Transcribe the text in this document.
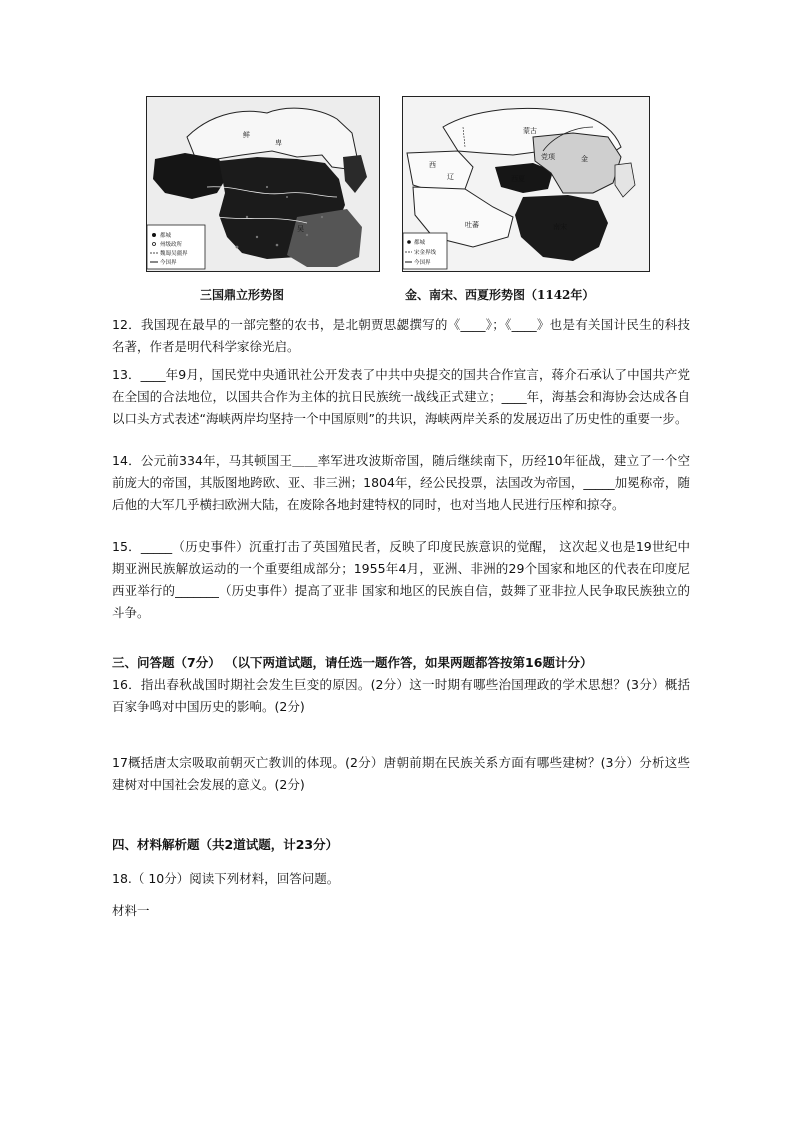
鲜
卑
吴
都城
州级政所
魏蜀吴疆界
今国界
西
辽
吐蕃
蒙古
金
党项
西夏
南宋
都城
宋金界线
今国界
三国鼎立形势图	金、南宋、西夏形势图（1142年）
12．我国现在最早的一部完整的农书，是北朝贾思勰撰写的《____》；《____》也是有关国计民生的科技名著，作者是明代科学家徐光启。
13．____年9月，国民党中央通讯社公开发表了中共中央提交的国共合作宣言，蒋介石承认了中国共产党在全国的合法地位，以国共合作为主体的抗日民族统一战线正式建立；____年，海基会和海协会达成各自以口头方式表述“海峡两岸均坚持一个中国原则”的共识，海峡两岸关系的发展迈出了历史性的重要一步。
14．公元前334年，马其顿国王＿＿率军进攻波斯帝国，随后继续南下，历经10年征战，建立了一个空前庞大的帝国，其版图地跨欧、亚、非三洲；1804年，经公民投票，法国改为帝国，_____加冕称帝，随后他的大军几乎横扫欧洲大陆，在废除各地封建特权的同时，也对当地人民进行压榨和掠夺。
15．_____（历史事件）沉重打击了英国殖民者，反映了印度民族意识的觉醒， 这次起义也是19世纪中期亚洲民族解放运动的一个重要组成部分；1955年4月，亚洲、非洲的29个国家和地区的代表在印度尼西亚举行的_______（历史事件）提高了亚非 国家和地区的民族自信，鼓舞了亚非拉人民争取民族独立的斗争。
三、问答题（7分） （以下两道试题，请任选一题作答，如果两题都答按第16题计分）
16．指出春秋战国时期社会发生巨变的原因。(2分）这一时期有哪些治国理政的学术思想？(3分）概括百家争鸣对中国历史的影响。(2分)
17概括唐太宗吸取前朝灭亡教训的体现。(2分）唐朝前期在民族关系方面有哪些建树？(3分）分析这些建树对中国社会发展的意义。(2分)
四、材料解析题（共2道试题，计23分）
18.（ 10分）阅读下列材料，回答问题。
材料一
